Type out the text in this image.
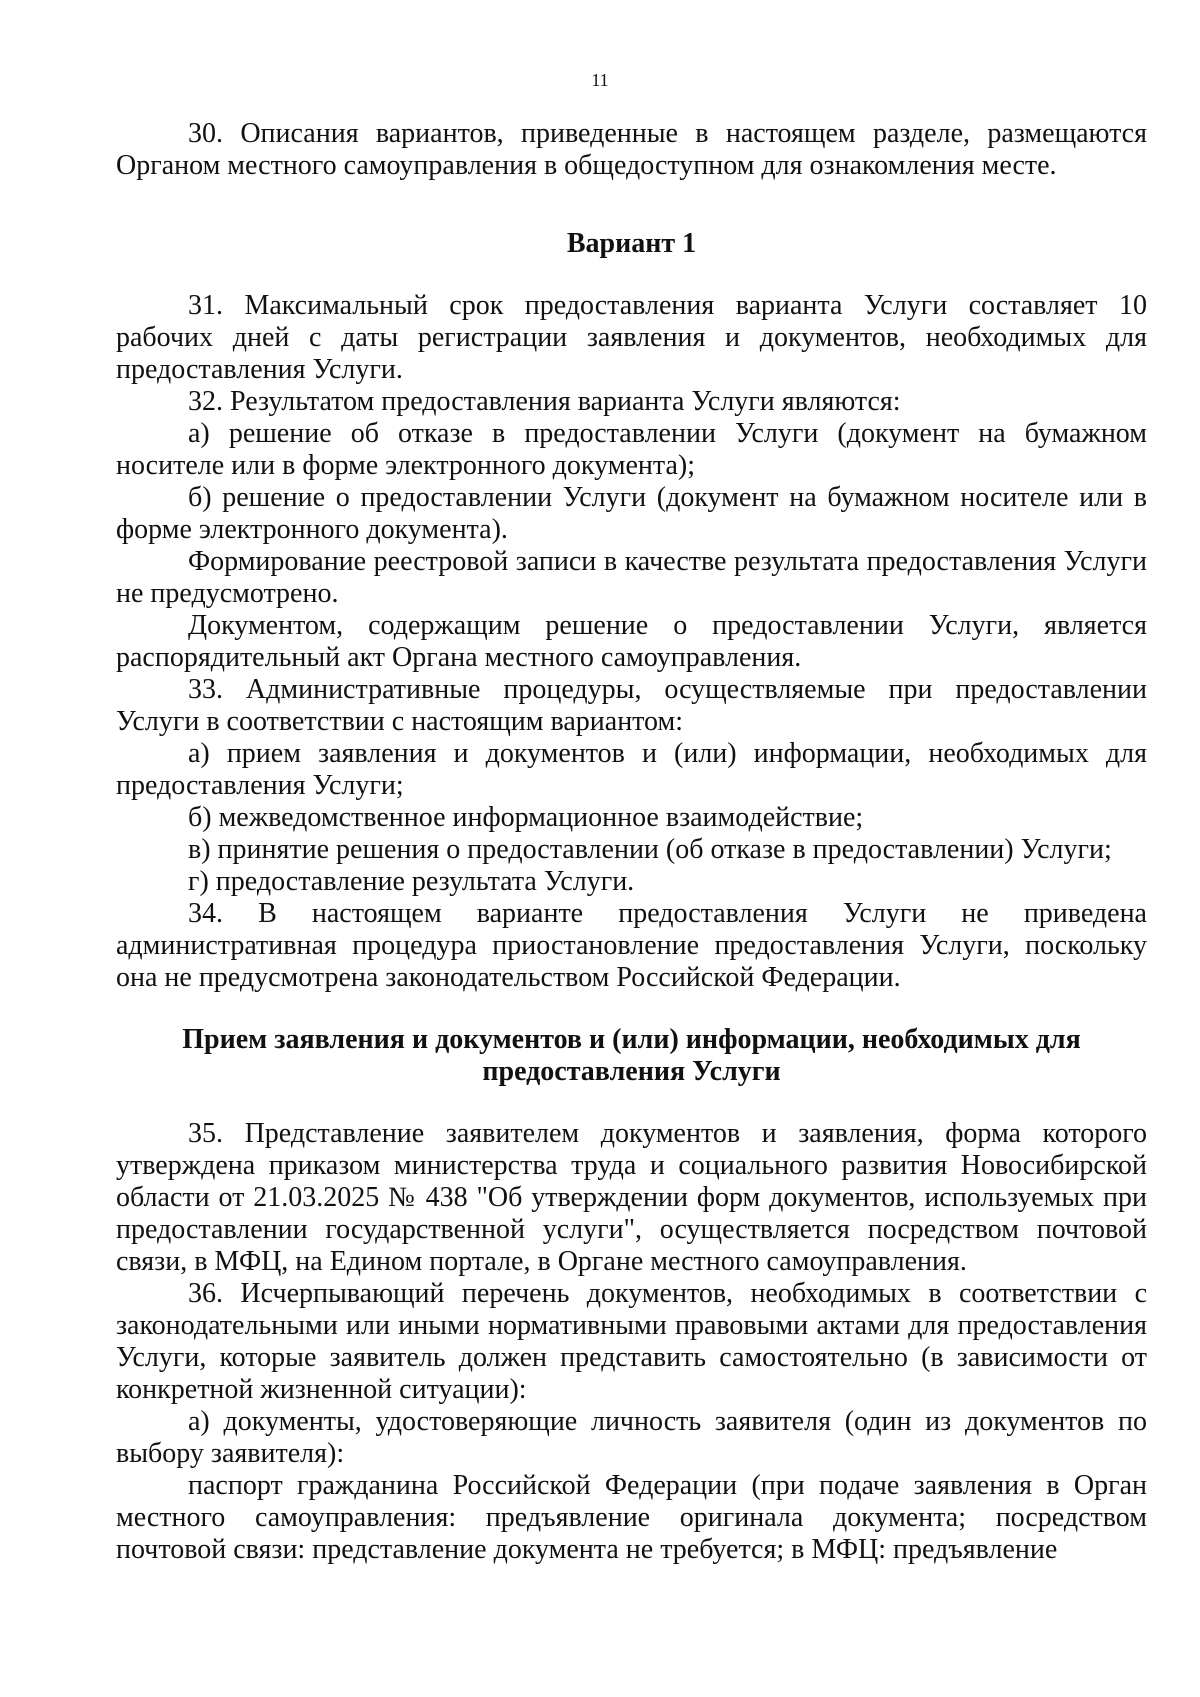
11

30. Описания вариантов, приведенные в настоящем разделе, размещаются Органом местного самоуправления в общедоступном для ознакомления месте.

Вариант 1

31. Максимальный срок предоставления варианта Услуги составляет 10 рабочих дней с даты регистрации заявления и документов, необходимых для предоставления Услуги.

32. Результатом предоставления варианта Услуги являются:

а) решение об отказе в предоставлении Услуги (документ на бумажном носителе или в форме электронного документа);

б) решение о предоставлении Услуги (документ на бумажном носителе или в форме электронного документа).

Формирование реестровой записи в качестве результата предоставления Услуги не предусмотрено.

Документом, содержащим решение о предоставлении Услуги, является распорядительный акт Органа местного самоуправления.

33. Административные процедуры, осуществляемые при предоставлении Услуги в соответствии с настоящим вариантом:

а) прием заявления и документов и (или) информации, необходимых для предоставления Услуги;

б) межведомственное информационное взаимодействие;

в) принятие решения о предоставлении (об отказе в предоставлении) Услуги;

г) предоставление результата Услуги.

34. В настоящем варианте предоставления Услуги не приведена административная процедура приостановление предоставления Услуги, поскольку она не предусмотрена законодательством Российской Федерации.

Прием заявления и документов и (или) информации, необходимых для
предоставления Услуги

35. Представление заявителем документов и заявления, форма которого утверждена приказом министерства труда и социального развития Новосибирской области от 21.03.2025 № 438 "Об утверждении форм документов, используемых при предоставлении государственной услуги", осуществляется посредством почтовой связи, в МФЦ, на Едином портале, в Органе местного самоуправления.

36. Исчерпывающий перечень документов, необходимых в соответствии с законодательными или иными нормативными правовыми актами для предоставления Услуги, которые заявитель должен представить самостоятельно (в зависимости от конкретной жизненной ситуации):

а) документы, удостоверяющие личность заявителя (один из документов по выбору заявителя):

паспорт гражданина Российской Федерации (при подаче заявления в Орган местного самоуправления: предъявление оригинала документа; посредством почтовой связи: представление документа не требуется; в МФЦ: предъявление
